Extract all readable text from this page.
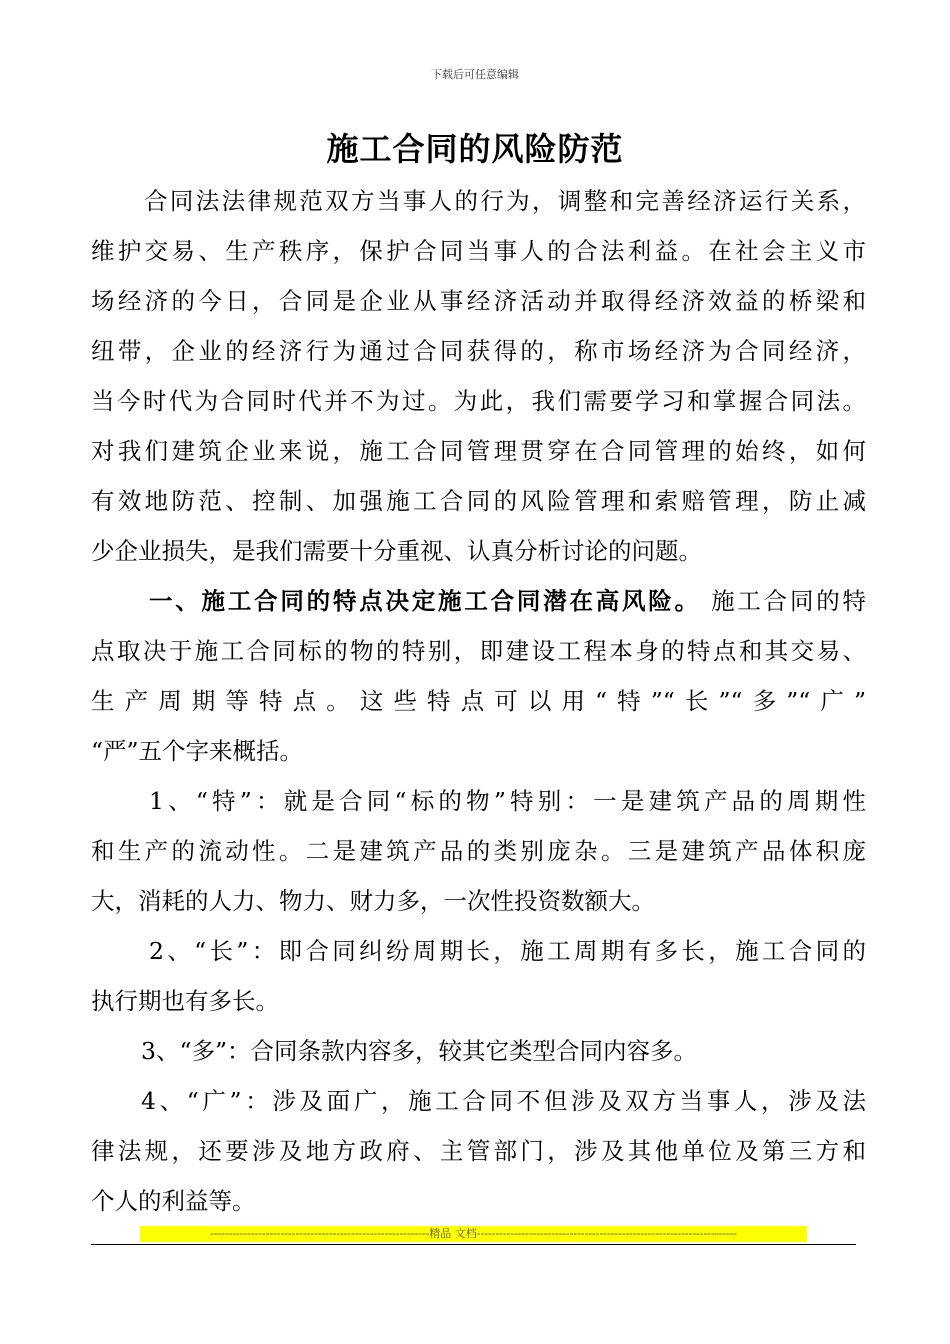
下载后可任意编辑
施工合同的风险防范
合同法法律规范双方当事人的行为，调整和完善经济运行关系，
维护交易、生产秩序，保护合同当事人的合法利益。在社会主义市
场经济的今日，合同是企业从事经济活动并取得经济效益的桥梁和
纽带，企业的经济行为通过合同获得的，称市场经济为合同经济，
当今时代为合同时代并不为过。为此，我们需要学习和掌握合同法。
对我们建筑企业来说，施工合同管理贯穿在合同管理的始终，如何
有效地防范、控制、加强施工合同的风险管理和索赔管理，防止减
少企业损失，是我们需要十分重视、认真分析讨论的问题。
一、施工合同的特点决定施工合同潜在高风险。 施工合同的特
点取决于施工合同标的物的特别，即建设工程本身的特点和其交易、
生产周期等特点。这些特点可以用“特”“长”“多”“广”
“严”五个字来概括。
1、“特”：就是合同“标的物”特别：一是建筑产品的周期性
和生产的流动性。二是建筑产品的类别庞杂。三是建筑产品体积庞
大，消耗的人力、物力、财力多，一次性投资数额大。
2、“长”：即合同纠纷周期长，施工周期有多长，施工合同的
执行期也有多长。
3、“多”：合同条款内容多，较其它类型合同内容多。
4、“广”：涉及面广，施工合同不但涉及双方当事人，涉及法
律法规，还要涉及地方政府、主管部门，涉及其他单位及第三方和
个人的利益等。
-----------------------------------------------------------精品 文档----------------------------------------------------------------------
